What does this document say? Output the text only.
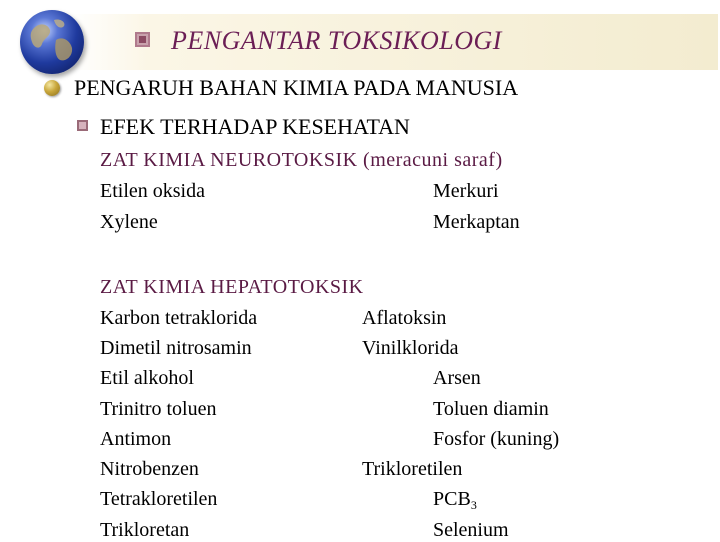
PENGANTAR TOKSIKOLOGI
PENGARUH BAHAN KIMIA PADA MANUSIA
EFEK TERHADAP KESEHATAN
ZAT KIMIA NEUROTOKSIK (meracuni saraf)
Etilen oksida
Xylene
Merkuri
Merkaptan
ZAT KIMIA HEPATOTOKSIK
Karbon tetraklorida
Dimetil nitrosamin
Etil alkohol
Trinitro toluen
Antimon
Nitrobenzen
Tetrakloretilen
Trikloretan
Aflatoksin
Vinilklorida
Arsen
Toluen diamin
Fosfor (kuning)
Trikloretilen
$PCB_3$
Selenium
